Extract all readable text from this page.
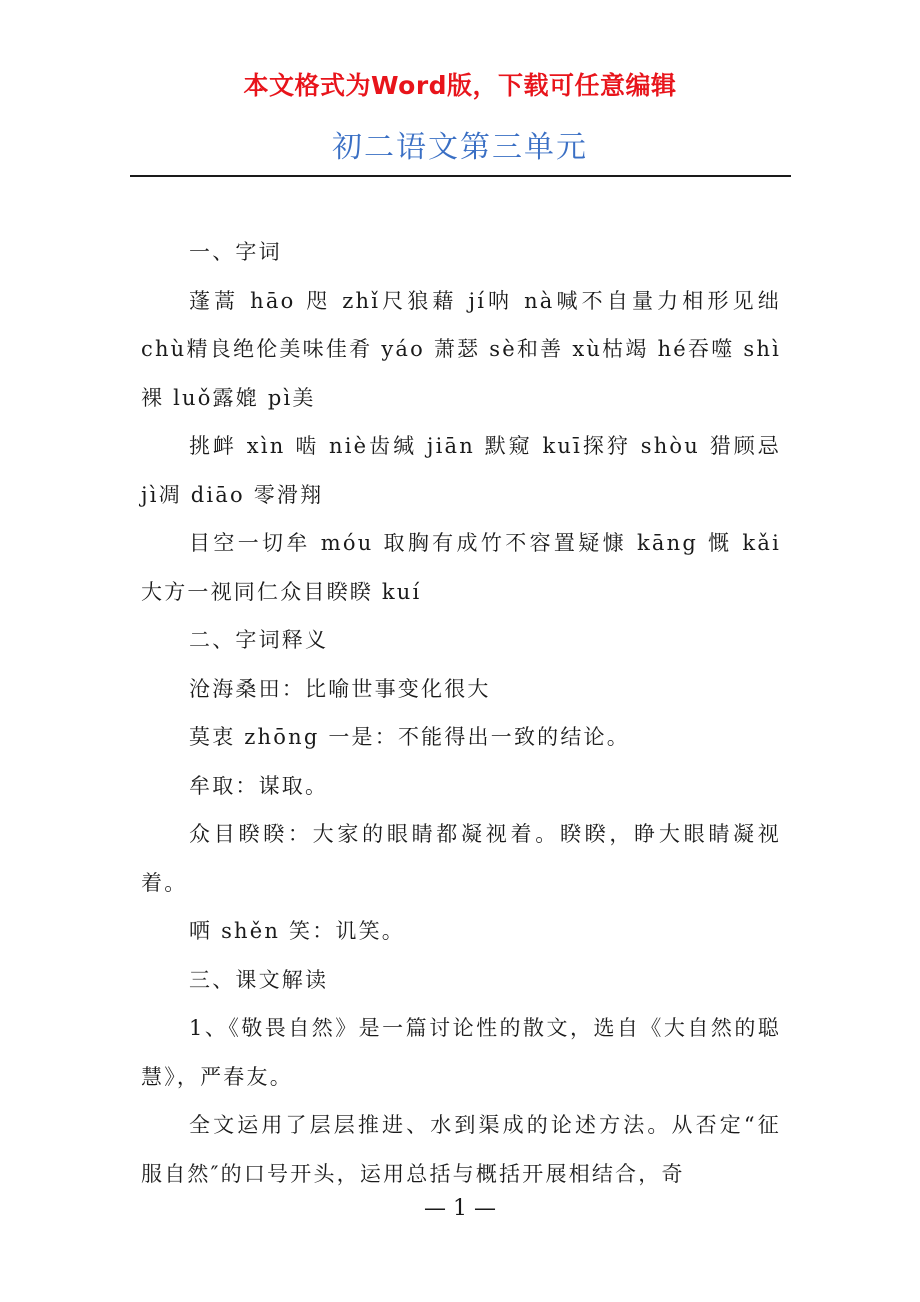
本文格式为Word版，下载可任意编辑
初二语文第三单元

一、字词

蓬蒿 hāo 咫 zhǐ尺狼藉 jí呐 nà喊不自量力相形见绌 chù精良绝伦美味佳肴 yáo 萧瑟 sè和善 xù枯竭 hé吞噬 shì裸 luǒ露媲 pì美

挑衅 xìn 啮 niè齿缄 jiān 默窥 kuī探狩 shòu 猎顾忌 jì凋 diāo 零滑翔

目空一切牟 móu 取胸有成竹不容置疑慷 kāng 慨 kǎi 大方一视同仁众目睽睽 kuí

二、字词释义

沧海桑田：比喻世事变化很大

莫衷 zhōng 一是：不能得出一致的结论。

牟取：谋取。

众目睽睽：大家的眼睛都凝视着。睽睽，睁大眼睛凝视着。

哂 shěn 笑：讥笑。

三、课文解读

1、《敬畏自然》是一篇讨论性的散文，选自《大自然的聪慧》，严春友。

全文运用了层层推进、水到渠成的论述方法。从否定“征服自然″的口号开头，运用总括与概括开展相结合，奇

— 1 —
